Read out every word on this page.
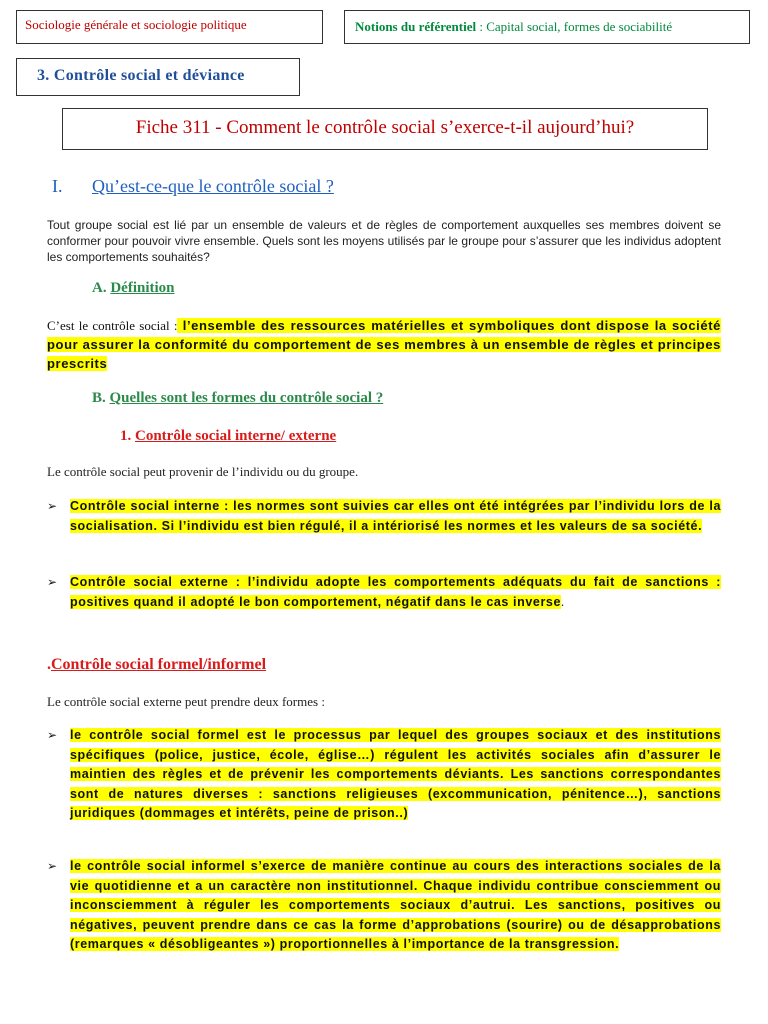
Sociologie générale et sociologie politique	Notions du référentiel : Capital social, formes de sociabilité
3. Contrôle social et déviance
Fiche 311 - Comment le contrôle social s’exerce-t-il aujourd’hui?
I. Qu’est-ce-que le contrôle social ?
Tout groupe social est lié par un ensemble de valeurs et de règles de comportement auxquelles ses membres doivent se conformer pour pouvoir vivre ensemble. Quels sont les moyens utilisés par le groupe pour s’assurer que les individus adoptent les comportements souhaités?
A. Définition
C’est le contrôle social : l’ensemble des ressources matérielles et symboliques dont dispose la société pour assurer la conformité du comportement de ses membres à un ensemble de règles et principes prescrits
B. Quelles sont les formes du contrôle social ?
1. Contrôle social interne/ externe
Le contrôle social peut provenir de l’individu ou du groupe.
➢ Contrôle social interne : les normes sont suivies car elles ont été intégrées par l’individu lors de la socialisation. Si l’individu est bien régulé, il a intériorisé les normes et les valeurs de sa société.
➢ Contrôle social externe : l’individu adopte les comportements adéquats du fait de sanctions : positives quand il adopté le bon comportement, négatif dans le cas inverse.
.Contrôle social formel/informel
Le contrôle social externe peut prendre deux formes :
➢ le contrôle social formel est le processus par lequel des groupes sociaux et des institutions spécifiques (police, justice, école, église…) régulent les activités sociales afin d’assurer le maintien des règles et de prévenir les comportements déviants. Les sanctions correspondantes sont de natures diverses : sanctions religieuses (excommunication, pénitence…), sanctions juridiques (dommages et intérêts, peine de prison..)
➢ le contrôle social informel s’exerce de manière continue au cours des interactions sociales de la vie quotidienne et a un caractère non institutionnel. Chaque individu contribue consciemment ou inconsciemment à réguler les comportements sociaux d’autrui. Les sanctions, positives ou négatives, peuvent prendre dans ce cas la forme d’approbations (sourire) ou de désapprobations (remarques « désobligeantes ») proportionnelles à l’importance de la transgression.
